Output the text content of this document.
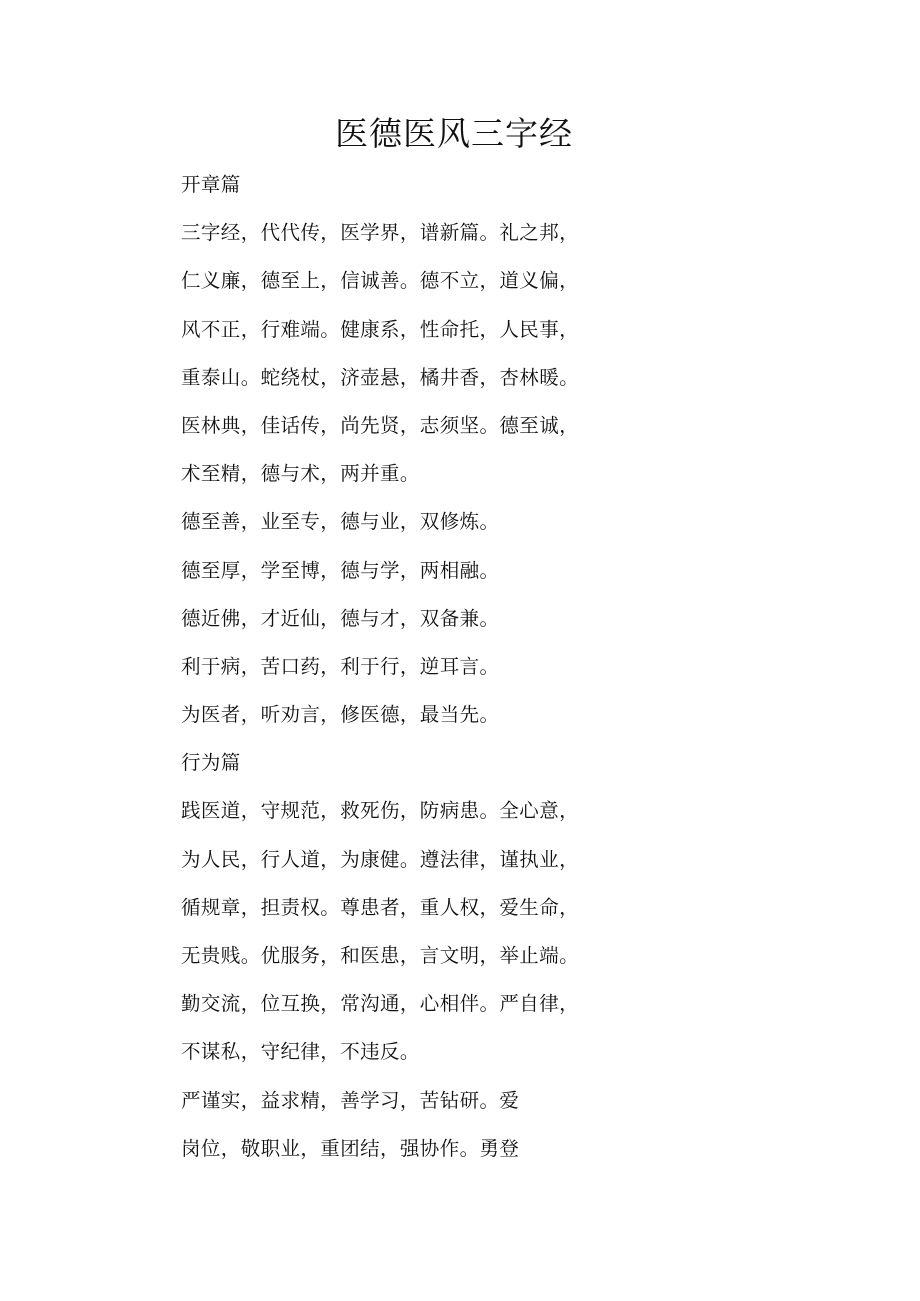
医德医风三字经
开章篇
三字经，代代传，医学界，谱新篇。礼之邦，
仁义廉，德至上，信诚善。德不立，道义偏，
风不正，行难端。健康系，性命托，人民事，
重泰山。蛇绕杖，济壶悬，橘井香，杏林暖。
医林典，佳话传，尚先贤，志须坚。德至诚，
术至精，德与术，两并重。
德至善，业至专，德与业，双修炼。
德至厚，学至博，德与学，两相融。
德近佛，才近仙，德与才，双备兼。
利于病，苦口药，利于行，逆耳言。
为医者，听劝言，修医德，最当先。
行为篇
践医道，守规范，救死伤，防病患。全心意，
为人民，行人道，为康健。遵法律，谨执业，
循规章，担责权。尊患者，重人权，爱生命，
无贵贱。优服务，和医患，言文明，举止端。
勤交流，位互换，常沟通，心相伴。严自律，
不谋私，守纪律，不违反。
严谨实，益求精，善学习，苦钻研。爱
岗位，敬职业，重团结，强协作。勇登
